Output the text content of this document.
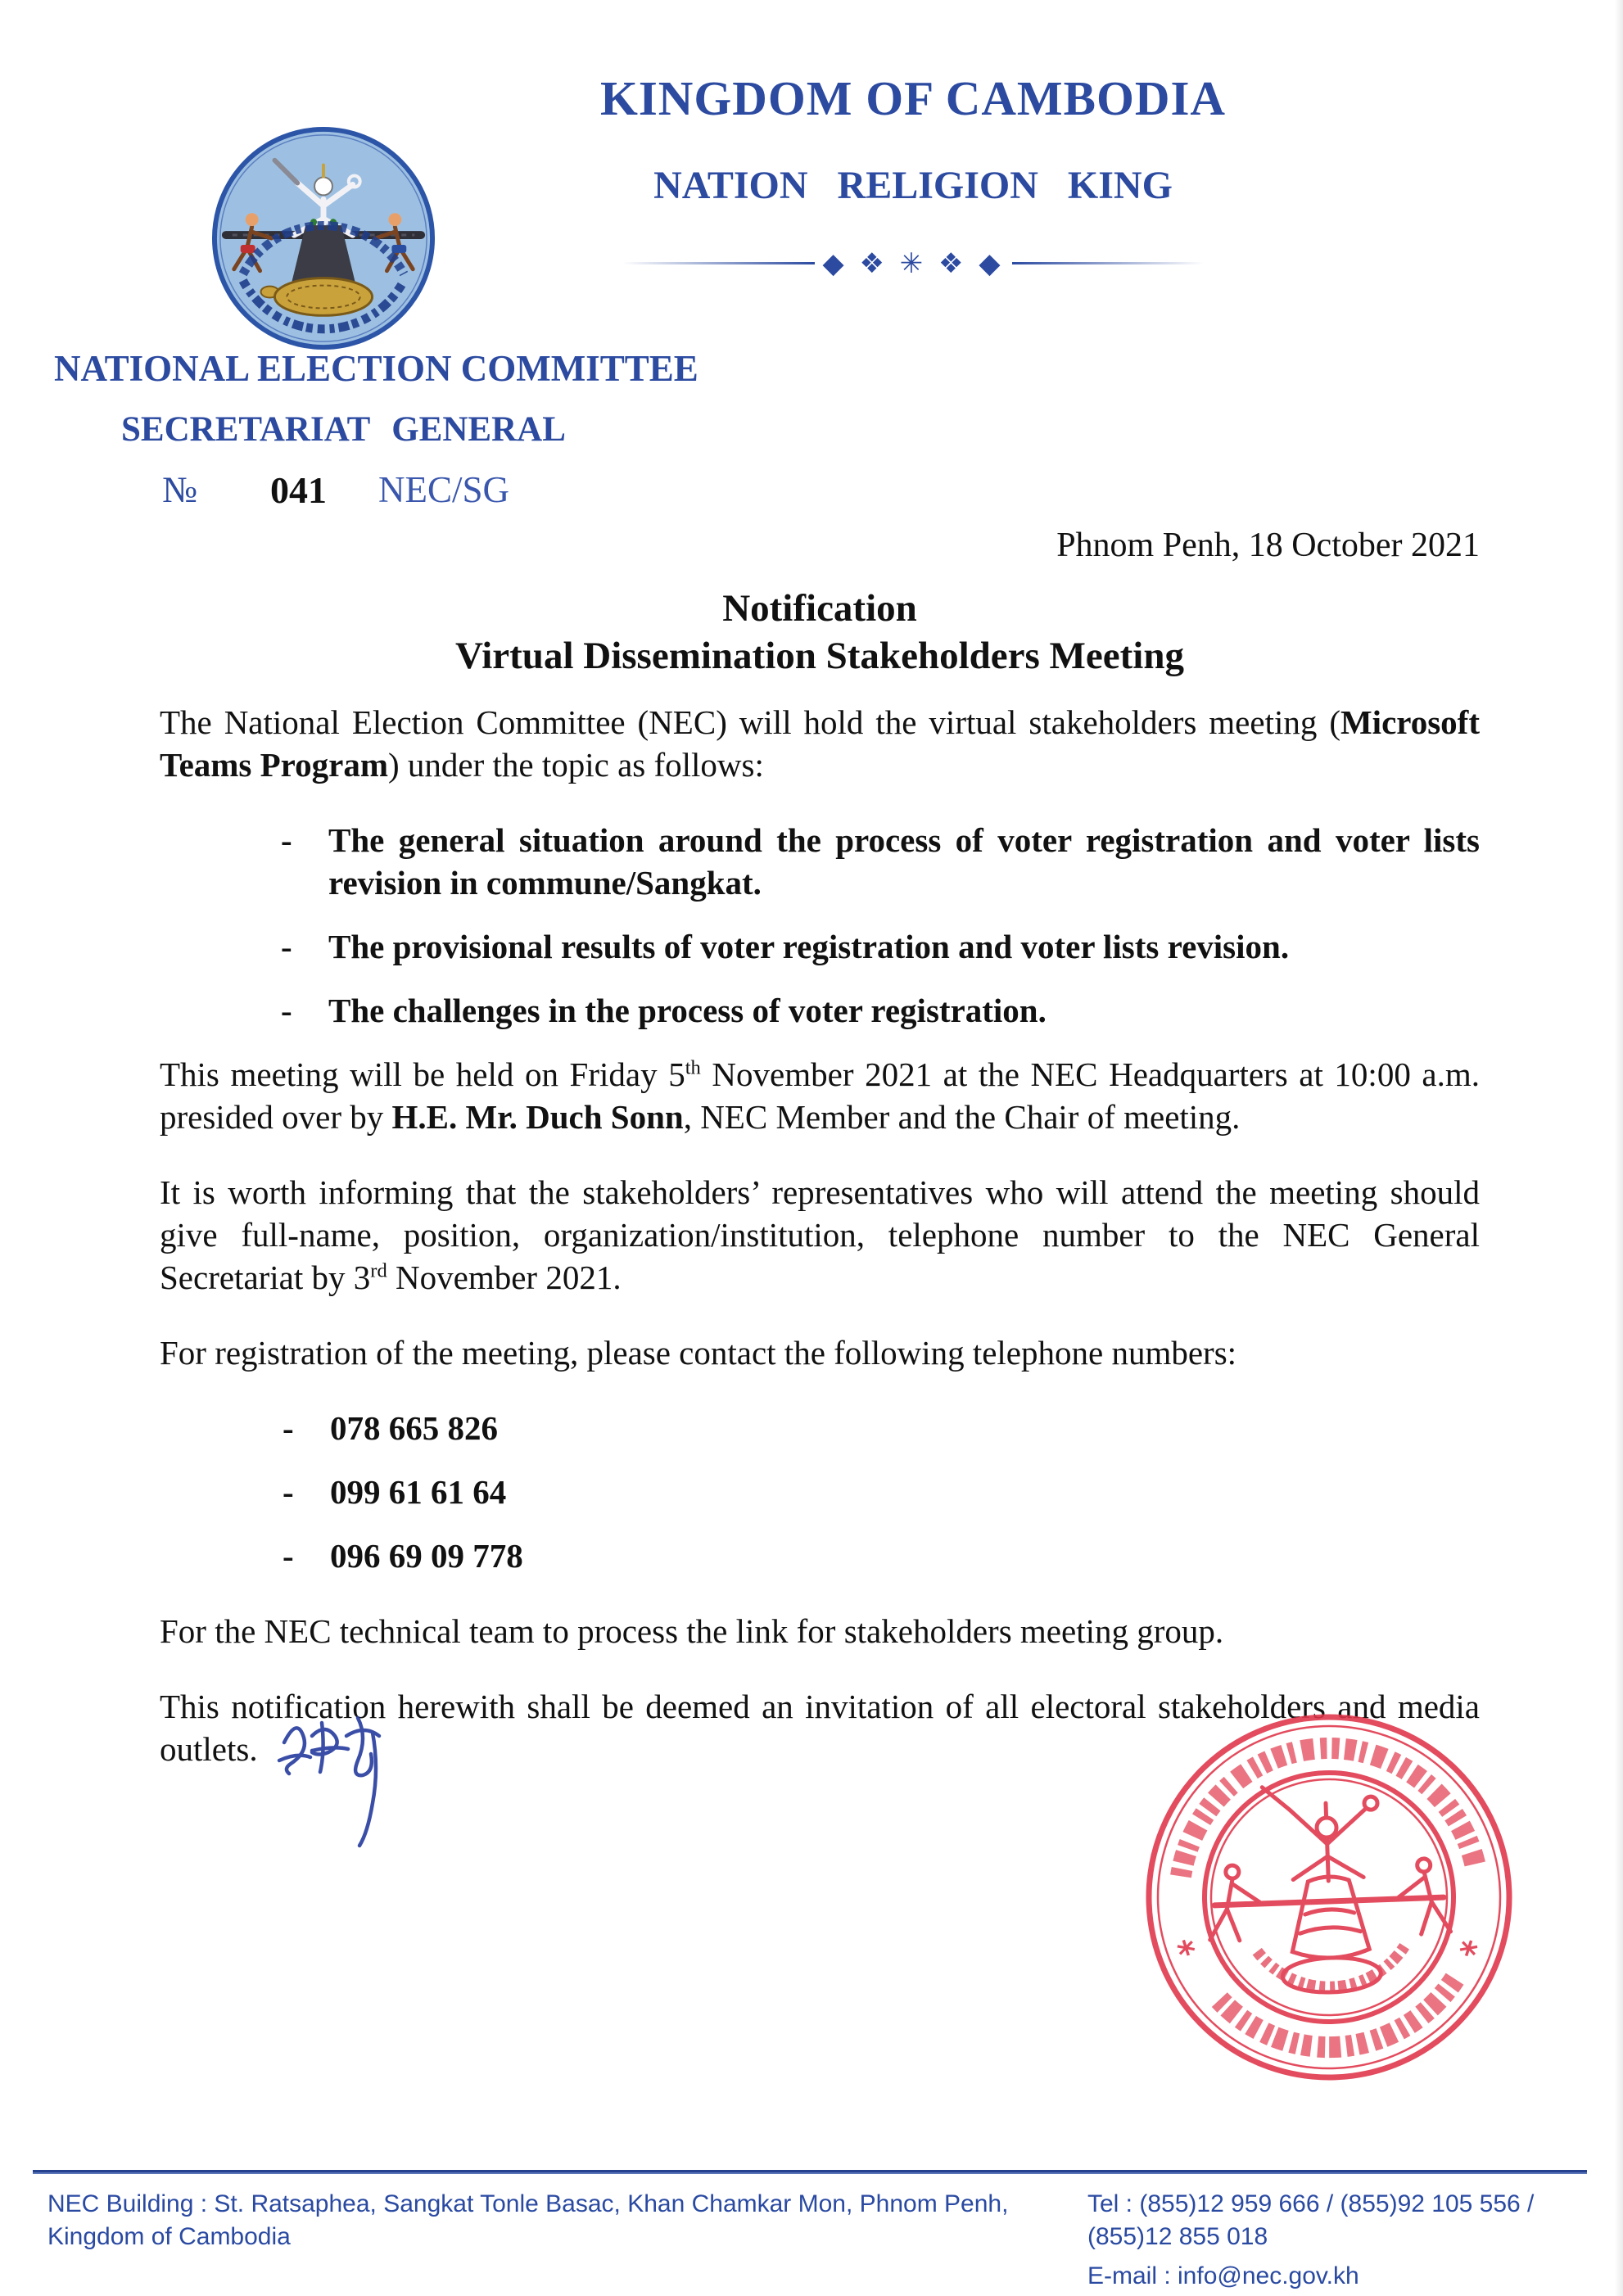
KINGDOM OF CAMBODIA
NATION RELIGION KING
◆ ❖ ✳ ❖ ◆
NATIONAL ELECTION COMMITTEE
SECRETARIAT GENERAL
№ 041 NEC/SG
Phnom Penh, 18 October 2021
Notification
Virtual Dissemination Stakeholders Meeting

The National Election Committee (NEC) will hold the virtual stakeholders meeting (Microsoft Teams Program) under the topic as follows:

-	The general situation around the process of voter registration and voter lists revision in commune/Sangkat.
-	The provisional results of voter registration and voter lists revision.
-	The challenges in the process of voter registration.

This meeting will be held on Friday 5th November 2021 at the NEC Headquarters at 10:00 a.m. presided over by H.E. Mr. Duch Sonn, NEC Member and the Chair of meeting.

It is worth informing that the stakeholders’ representatives who will attend the meeting should give full-name, position, organization/institution, telephone number to the NEC General Secretariat by 3rd November 2021.

For registration of the meeting, please contact the following telephone numbers:

-	078 665 826
-	099 61 61 64
-	096 69 09 778

For the NEC technical team to process the link for stakeholders meeting group.

This notification herewith shall be deemed an invitation of all electoral stakeholders and media outlets.

*	*
NEC Building : St. Ratsaphea, Sangkat Tonle Basac, Khan Chamkar Mon, Phnom Penh, Kingdom of Cambodia
Tel : (855)12 959 666 / (855)92 105 556 / (855)12 855 018
E-mail : info@nec.gov.kh
